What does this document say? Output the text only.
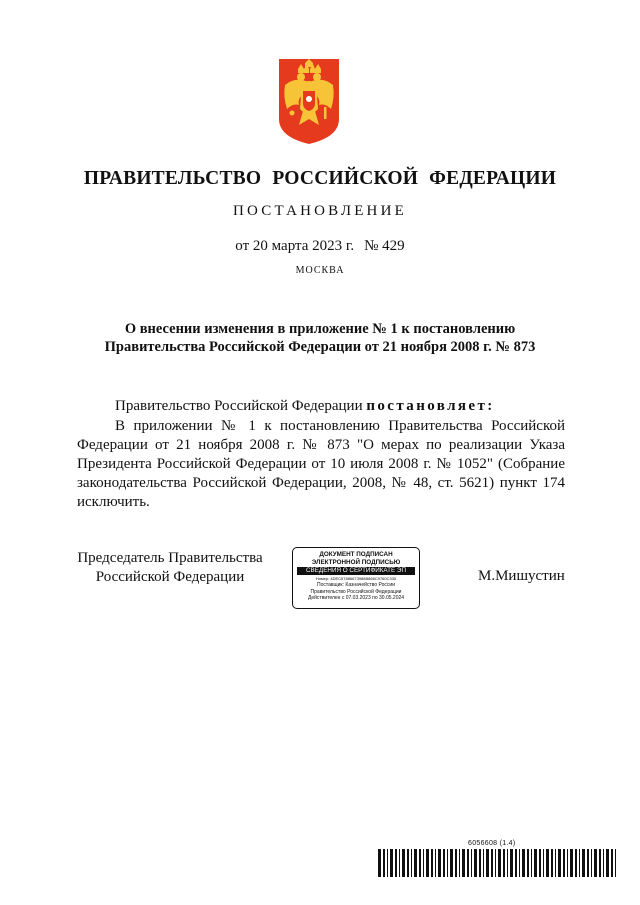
ПРАВИТЕЛЬСТВО РОССИЙСКОЙ ФЕДЕРАЦИИ
ПОСТАНОВЛЕНИЕ
от 20 марта 2023 г. № 429
МОСКВА
О внесении изменения в приложение № 1 к постановлению
Правительства Российской Федерации от 21 ноября 2008 г. № 873
Правительство Российской Федерации постановляет:
В приложении № 1 к постановлению Правительства Российской Федерации от 21 ноября 2008 г. № 873 "О мерах по реализации Указа Президента Российской Федерации от 10 июля 2008 г. № 1052" (Собрание законодательства Российской Федерации, 2008, № 48, ст. 5621) пункт 174 исключить.
Председатель Правительства
Российской Федерации
ДОКУМЕНТ ПОДПИСАН
ЭЛЕКТРОННОЙ ПОДПИСЬЮ
СВЕДЕНИЯ О СЕРТИФИКАТЕ ЭП
Номер: 4DEC57886673988B866C9760C330
Поставщик: Казначейство России
Правительство Российской Федерации
Действителен с 07.03.2023 по 30.05.2024
М.Мишустин
6056608 (1.4)
